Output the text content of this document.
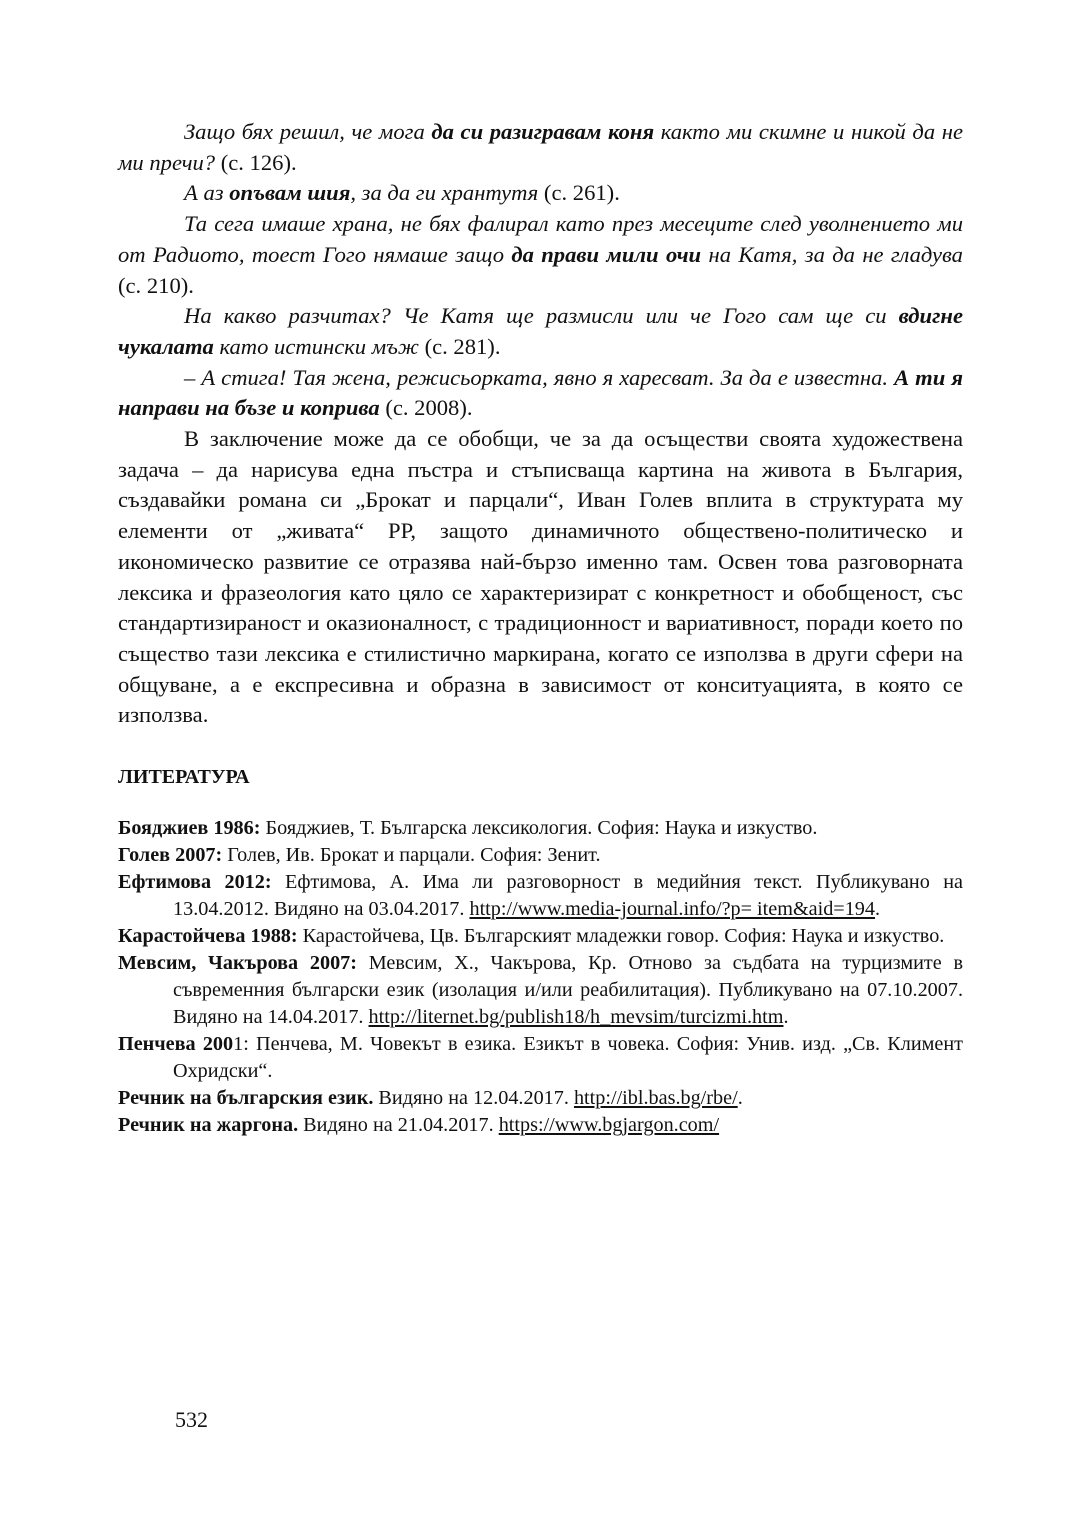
Защо бях решил, че мога да си разигравам коня както ми скимне и никой да не ми пречи? (с. 126).

А аз опъвам шия, за да ги хрантутя (с. 261).

Та сега имаше храна, не бях фалирал като през месеците след уволнението ми от Радиото, тоест Гого нямаше защо да прави мили очи на Катя, за да не гладува (с. 210).

На какво разчитах? Че Катя ще размисли или че Гого сам ще си вдигне чукалата като истински мъж (с. 281).

– А стига! Тая жена, режисьорката, явно я харесват. За да е известна. А ти я направи на бъзе и коприва (с. 2008).

В заключение може да се обобщи, че за да осъществи своята художествена задача – да нарисува една пъстра и стъписваща картина на живота в България, създавайки романа си „Брокат и парцали“, Иван Голев вплита в структурата му елементи от „живата“ РР, защото динамичното обществено-политическо и икономическо развитие се отразява най-бързо именно там. Освен това разговорната лексика и фразеология като цяло се характеризират с конкретност и обобщеност, със стандартизираност и оказионалност, с традиционност и вариативност, поради което по същество тази лексика е стилистично маркирана, когато се използва в други сфери на общуване, а е експресивна и образна в зависимост от конситуацията, в която се използва.

ЛИТЕРАТУРА

Бояджиев 1986: Бояджиев, Т. Българска лексикология. София: Наука и изкуство.

Голев 2007: Голев, Ив. Брокат и парцали. София: Зенит.

Ефтимова 2012: Ефтимова, А. Има ли разговорност в медийния текст. Публикувано на 13.04.2012. Видяно на 03.04.2017. http://www.media-journal.info/?p= item&aid=194.

Карастойчева 1988: Карастойчева, Цв. Българският младежки говор. София: Наука и изкуство.

Мевсим, Чакърова 2007: Мевсим, Х., Чакърова, Кр. Отново за съдбата на турцизмите в съвременния български език (изолация и/или реабилитация). Публикувано на 07.10.2007. Видяно на 14.04.2017. http://liternet.bg/publish18/h_mevsim/turcizmi.htm.

Пенчева 2001: Пенчева, М. Човекът в езика. Езикът в човека. София: Унив. изд. „Св. Климент Охридски“.

Речник на българския език. Видяно на 12.04.2017. http://ibl.bas.bg/rbe/.

Речник на жаргона. Видяно на 21.04.2017. https://www.bgjargon.com/

532
